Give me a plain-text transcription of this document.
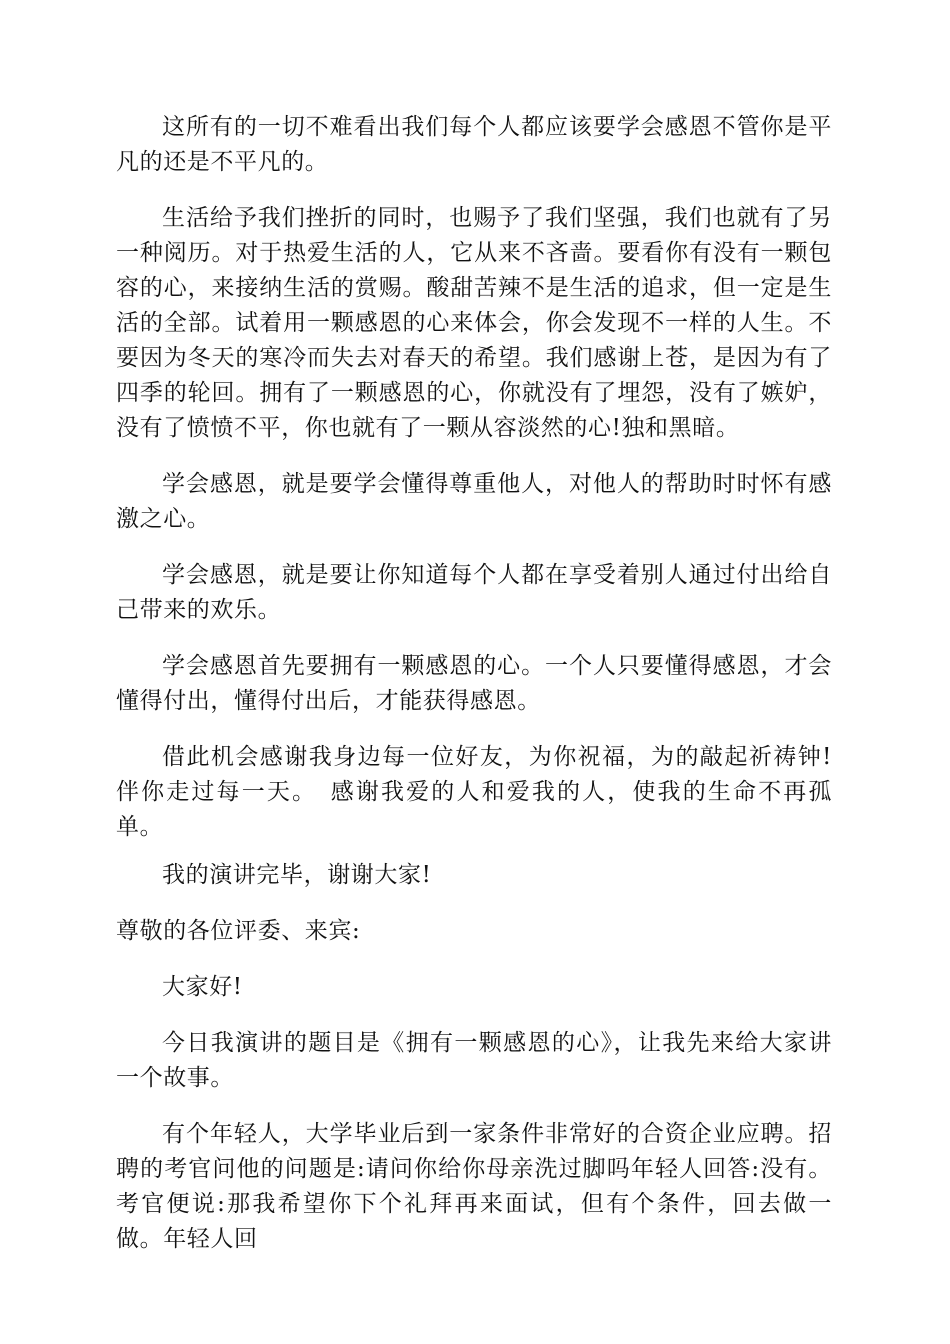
这所有的一切不难看出我们每个人都应该要学会感恩不管你是平凡的还是不平凡的。

生活给予我们挫折的同时，也赐予了我们坚强，我们也就有了另一种阅历。对于热爱生活的人，它从来不吝啬。要看你有没有一颗包容的心，来接纳生活的赏赐。酸甜苦辣不是生活的追求，但一定是生活的全部。试着用一颗感恩的心来体会，你会发现不一样的人生。不要因为冬天的寒冷而失去对春天的希望。我们感谢上苍，是因为有了四季的轮回。拥有了一颗感恩的心，你就没有了埋怨，没有了嫉妒，没有了愤愤不平，你也就有了一颗从容淡然的心!独和黑暗。

学会感恩，就是要学会懂得尊重他人，对他人的帮助时时怀有感激之心。

学会感恩，就是要让你知道每个人都在享受着别人通过付出给自己带来的欢乐。

学会感恩首先要拥有一颗感恩的心。一个人只要懂得感恩，才会懂得付出，懂得付出后，才能获得感恩。

借此机会感谢我身边每一位好友，为你祝福，为的敲起祈祷钟!伴你走过每一天。　感谢我爱的人和爱我的人，使我的生命不再孤单。

我的演讲完毕，谢谢大家!

尊敬的各位评委、来宾:

大家好!

今日我演讲的题目是《拥有一颗感恩的心》，让我先来给大家讲一个故事。

有个年轻人，大学毕业后到一家条件非常好的合资企业应聘。招聘的考官问他的问题是:请问你给你母亲洗过脚吗年轻人回答:没有。考官便说:那我希望你下个礼拜再来面试，但有个条件，回去做一做。年轻人回
